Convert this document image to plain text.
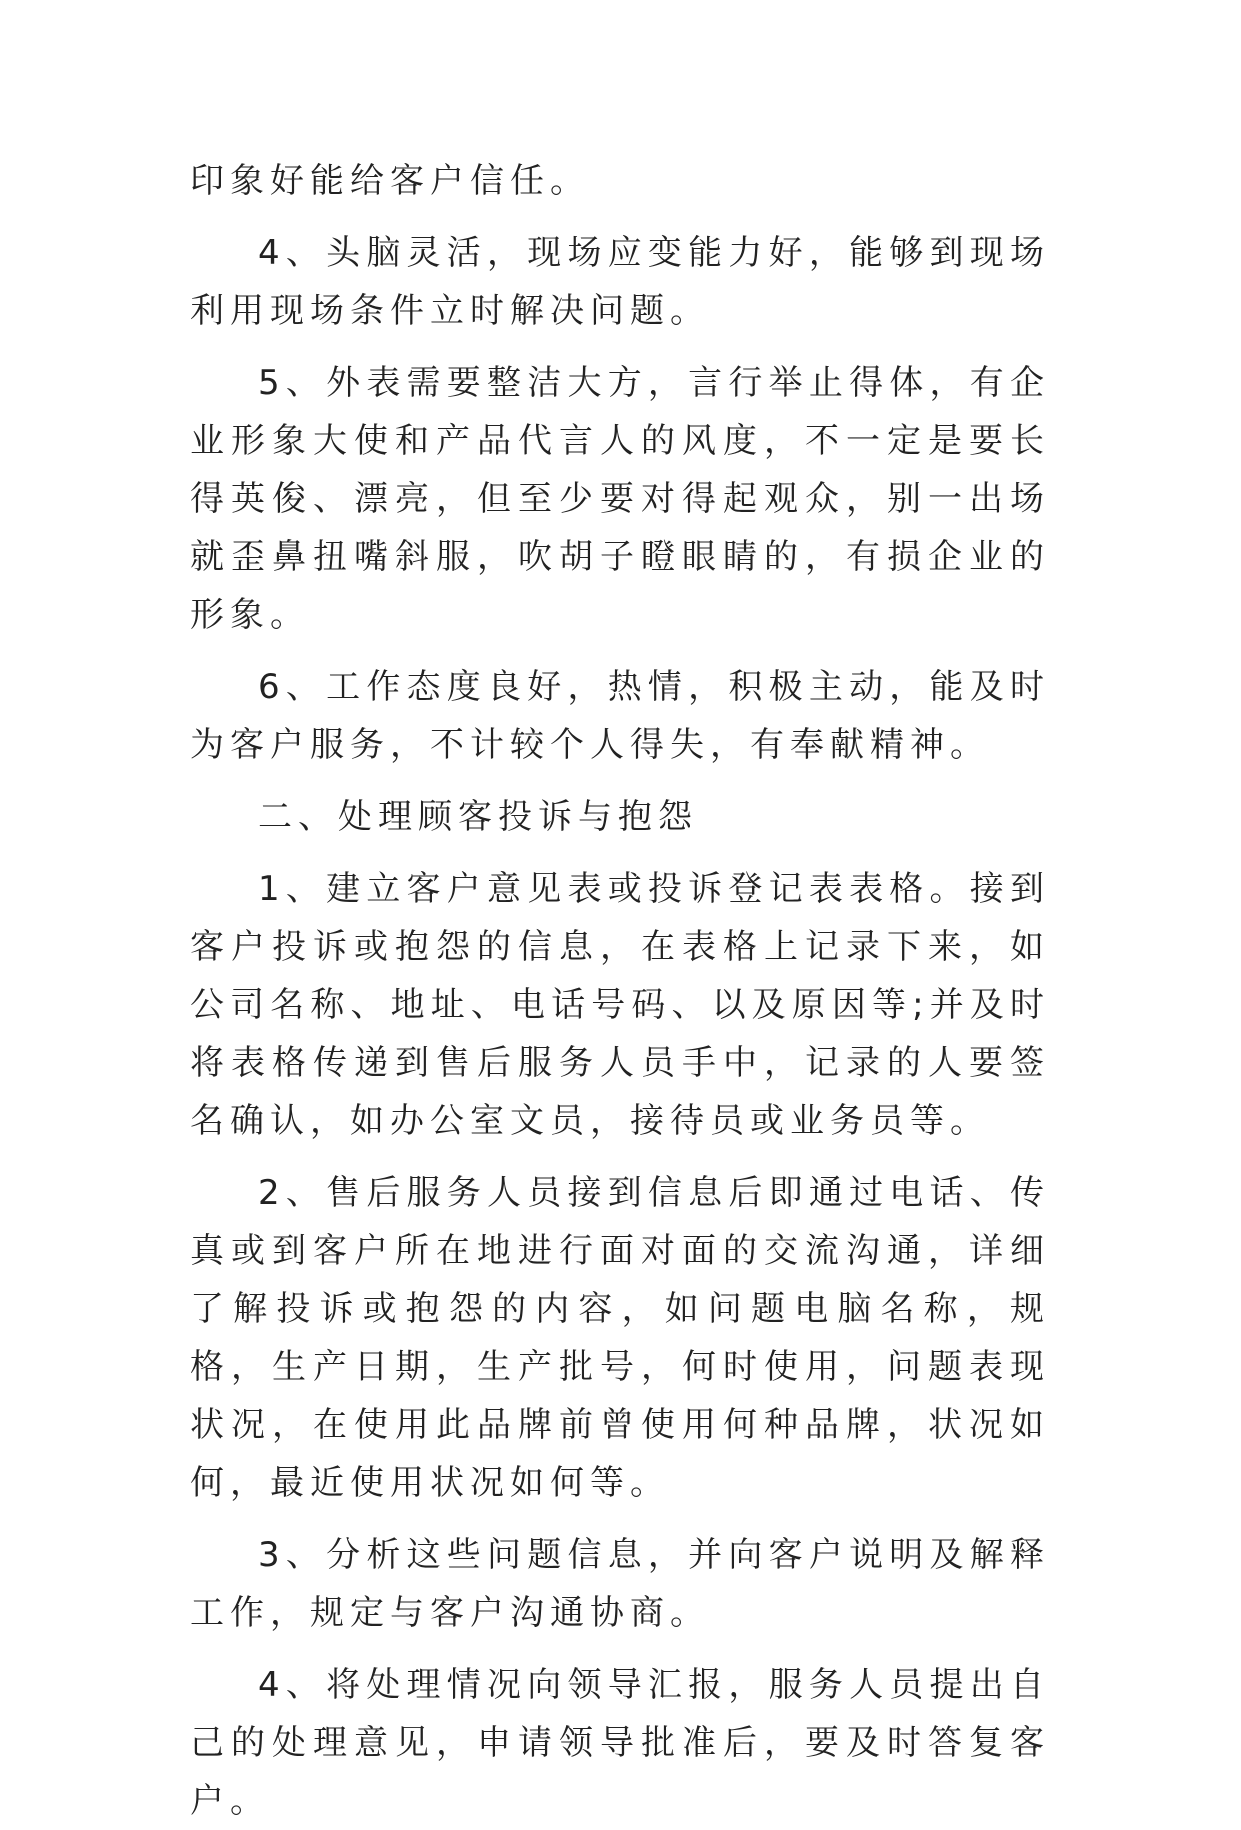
印象好能给客户信任。

4、头脑灵活，现场应变能力好，能够到现场利用现场条件立时解决问题。

5、外表需要整洁大方，言行举止得体，有企业形象大使和产品代言人的风度，不一定是要长得英俊、漂亮，但至少要对得起观众，别一出场就歪鼻扭嘴斜服，吹胡子瞪眼睛的，有损企业的形象。

6、工作态度良好，热情，积极主动，能及时为客户服务，不计较个人得失，有奉献精神。

二、处理顾客投诉与抱怨

1、建立客户意见表或投诉登记表表格。接到客户投诉或抱怨的信息，在表格上记录下来，如公司名称、地址、电话号码、以及原因等;并及时将表格传递到售后服务人员手中，记录的人要签名确认，如办公室文员，接待员或业务员等。

2、售后服务人员接到信息后即通过电话、传真或到客户所在地进行面对面的交流沟通，详细了解投诉或抱怨的内容，如问题电脑名称，规格，生产日期，生产批号，何时使用，问题表现状况，在使用此品牌前曾使用何种品牌，状况如何，最近使用状况如何等。

3、分析这些问题信息，并向客户说明及解释工作，规定与客户沟通协商。

4、将处理情况向领导汇报，服务人员提出自己的处理意见，申请领导批准后，要及时答复客户。
